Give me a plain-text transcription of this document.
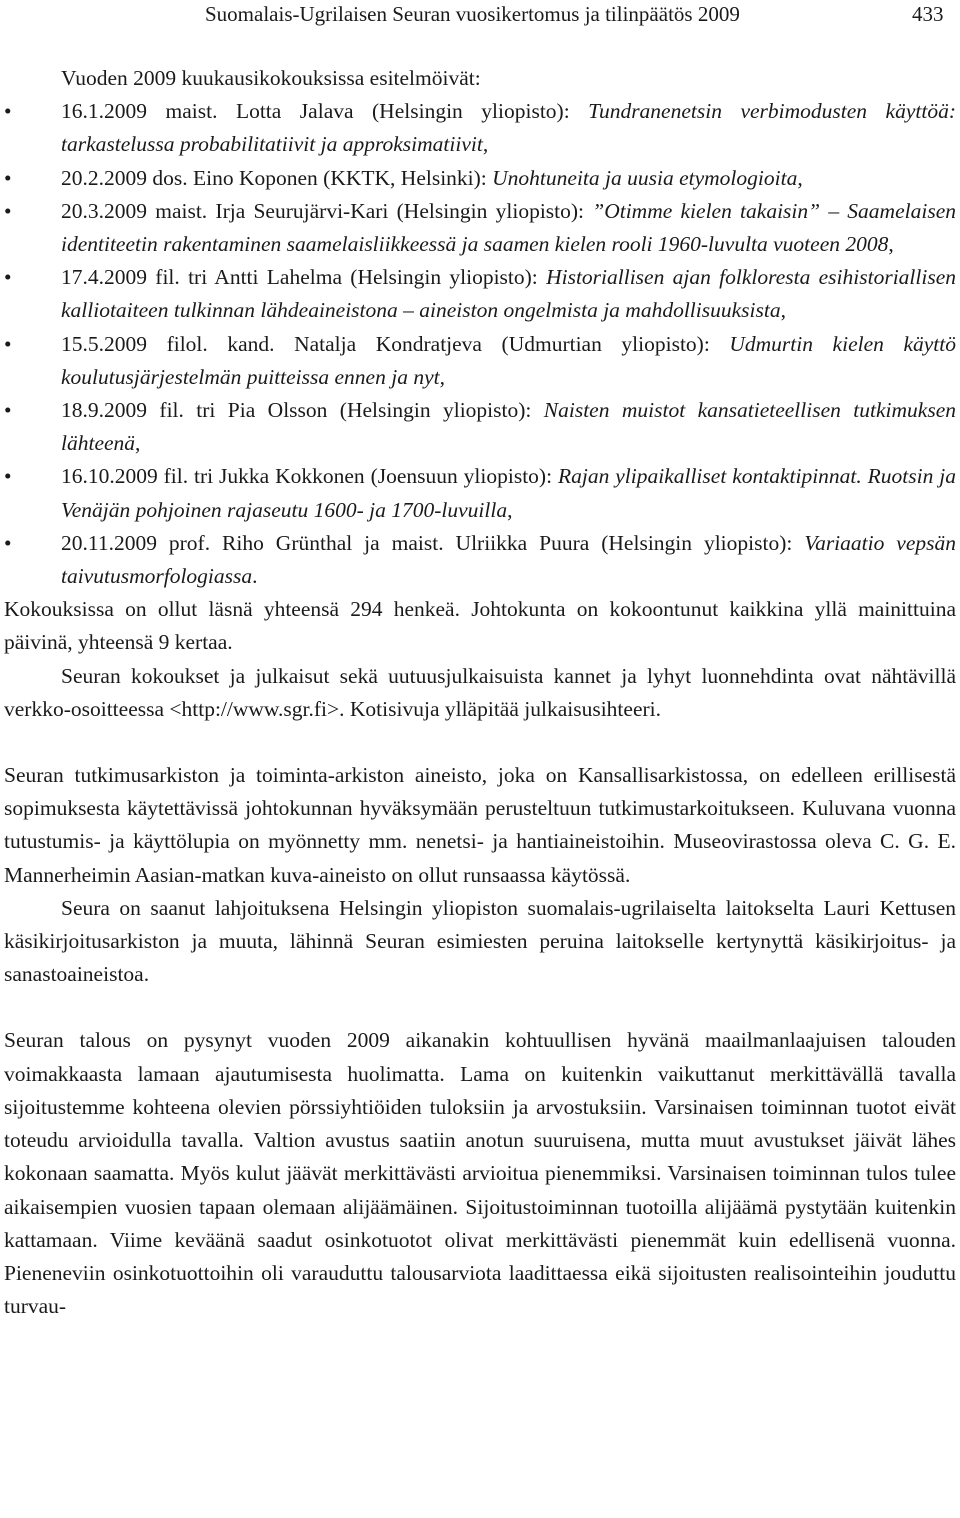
Suomalais-Ugrilaisen Seuran vuosikertomus ja tilinpäätös 2009	433
Vuoden 2009 kuukausikokouksissa esitelmöivät:
• 16.1.2009 maist. Lotta Jalava (Helsingin yliopisto): Tundranenetsin verbimodusten käyttöä: tarkastelussa probabilitatiivit ja approksimatiivit,
• 20.2.2009 dos. Eino Koponen (KKTK, Helsinki): Unohtuneita ja uusia etymologioita,
• 20.3.2009 maist. Irja Seurujärvi-Kari (Helsingin yliopisto): ”Otimme kielen takaisin” – Saamelaisen identiteetin rakentaminen saamelaisliikkeessä ja saamen kielen rooli 1960-luvulta vuoteen 2008,
• 17.4.2009 fil. tri Antti Lahelma (Helsingin yliopisto): Historiallisen ajan folkloresta esihistoriallisen kalliotaiteen tulkinnan lähdeaineistona – aineiston ongelmista ja mahdollisuuksista,
• 15.5.2009 filol. kand. Natalja Kondratjeva (Udmurtian yliopisto): Udmurtin kielen käyttö koulutusjärjestelmän puitteissa ennen ja nyt,
• 18.9.2009 fil. tri Pia Olsson (Helsingin yliopisto): Naisten muistot kansatieteellisen tutkimuksen lähteenä,
• 16.10.2009 fil. tri Jukka Kokkonen (Joensuun yliopisto): Rajan ylipaikalliset kontaktipinnat. Ruotsin ja Venäjän pohjoinen rajaseutu 1600- ja 1700-luvuilla,
• 20.11.2009 prof. Riho Grünthal ja maist. Ulriikka Puura (Helsingin yliopisto): Variaatio vepsän taivutusmorfologiassa.

Kokouksissa on ollut läsnä yhteensä 294 henkeä. Johtokunta on kokoontunut kaikkina yllä mainittuina päivinä, yhteensä 9 kertaa.

Seuran kokoukset ja julkaisut sekä uutuusjulkaisuista kannet ja lyhyt luonnehdinta ovat nähtävillä verkko-osoitteessa <http://www.sgr.fi>. Kotisivuja ylläpitää julkaisusihteeri.

Seuran tutkimusarkiston ja toiminta-arkiston aineisto, joka on Kansallisarkistossa, on edelleen erillisestä sopimuksesta käytettävissä johtokunnan hyväksymään perusteltuun tutkimustarkoitukseen. Kuluvana vuonna tutustumis- ja käyttölupia on myönnetty mm. nenetsi- ja hantiaineistoihin. Museovirastossa oleva C. G. E. Mannerheimin Aasian-matkan kuva-aineisto on ollut runsaassa käytössä.

Seura on saanut lahjoituksena Helsingin yliopiston suomalais-ugrilaiselta laitokselta Lauri Kettusen käsikirjoitusarkiston ja muuta, lähinnä Seuran esimiesten peruina laitokselle kertynyttä käsikirjoitus- ja sanastoaineistoa.

Seuran talous on pysynyt vuoden 2009 aikanakin kohtuullisen hyvänä maailmanlaajuisen talouden voimakkaasta lamaan ajautumisesta huolimatta. Lama on kuitenkin vaikuttanut merkittävällä tavalla sijoitustemme kohteena olevien pörssiyhtiöiden tuloksiin ja arvostuksiin. Varsinaisen toiminnan tuotot eivät toteudu arvioidulla tavalla. Valtion avustus saatiin anotun suuruisena, mutta muut avustukset jäivät lähes kokonaan saamatta. Myös kulut jäävät merkittävästi arvioitua pienemmiksi. Varsinaisen toiminnan tulos tulee aikaisempien vuosien tapaan olemaan alijäämäinen. Sijoitustoiminnan tuotoilla alijäämä pystytään kuitenkin kattamaan. Viime keväänä saadut osinkotuotot olivat merkittävästi pienemmät kuin edellisenä vuonna. Pieneneviin osinkotuottoihin oli varauduttu talousarviota laadittaessa eikä sijoitusten realisointeihin jouduttu turvau-
